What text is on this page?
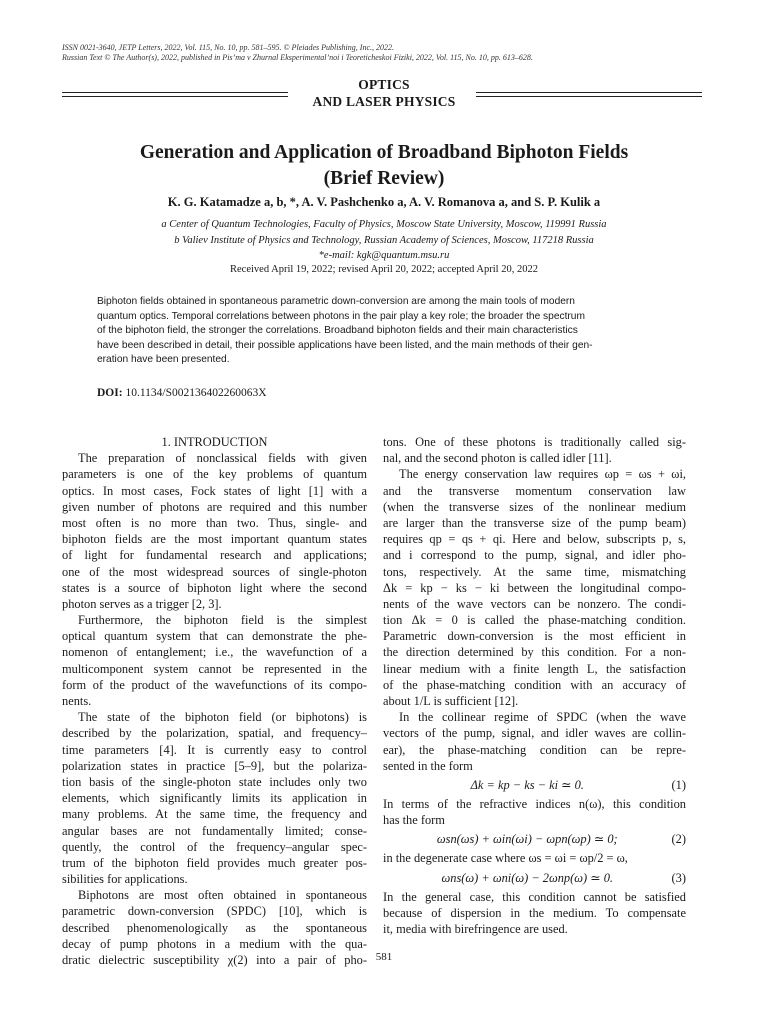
ISSN 0021-3640, JETP Letters, 2022, Vol. 115, No. 10, pp. 581–595. © Pleiades Publishing, Inc., 2022.
Russian Text © The Author(s), 2022, published in Pis’ma v Zhurnal Eksperimental’noi i Teoreticheskoi Fiziki, 2022, Vol. 115, No. 10, pp. 613–628.
OPTICS
AND LASER PHYSICS
Generation and Application of Broadband Biphoton Fields
(Brief Review)
K. G. Katamadze a, b, *, A. V. Pashchenko a, A. V. Romanova a, and S. P. Kulik a
a Center of Quantum Technologies, Faculty of Physics, Moscow State University, Moscow, 119991 Russia
b Valiev Institute of Physics and Technology, Russian Academy of Sciences, Moscow, 117218 Russia
*e-mail: kgk@quantum.msu.ru
Received April 19, 2022; revised April 20, 2022; accepted April 20, 2022
Biphoton fields obtained in spontaneous parametric down-conversion are among the main tools of modern
quantum optics. Temporal correlations between photons in the pair play a key role; the broader the spectrum
of the biphoton field, the stronger the correlations. Broadband biphoton fields and their main characteristics
have been described in detail, their possible applications have been listed, and the main methods of their gen-
eration have been presented.
DOI: 10.1134/S002136402260063X
1. INTRODUCTION
The preparation of nonclassical fields with given
parameters is one of the key problems of quantum
optics. In most cases, Fock states of light [1] with a
given number of photons are required and this number
most often is no more than two. Thus, single- and
biphoton fields are the most important quantum states
of light for fundamental research and applications;
one of the most widespread sources of single-photon
states is a source of biphoton light where the second
photon serves as a trigger [2, 3].
Furthermore, the biphoton field is the simplest
optical quantum system that can demonstrate the phe-
nomenon of entanglement; i.e., the wavefunction of a
multicomponent system cannot be represented in the
form of the product of the wavefunctions of its compo-
nents.
The state of the biphoton field (or biphotons) is
described by the polarization, spatial, and frequency–
time parameters [4]. It is currently easy to control
polarization states in practice [5–9], but the polariza-
tion basis of the single-photon state includes only two
elements, which significantly limits its application in
many problems. At the same time, the frequency and
angular bases are not fundamentally limited; conse-
quently, the control of the frequency–angular spec-
trum of the biphoton field provides much greater pos-
sibilities for applications.
Biphotons are most often obtained in spontaneous
parametric down-conversion (SPDC) [10], which is
described phenomenologically as the spontaneous
decay of pump photons in a medium with the qua-
dratic dielectric susceptibility χ(2) into a pair of pho-
tons. One of these photons is traditionally called sig-
nal, and the second photon is called idler [11].
The energy conservation law requires ωp = ωs + ωi,
and the transverse momentum conservation law
(when the transverse sizes of the nonlinear medium
are larger than the transverse size of the pump beam)
requires qp = qs + qi. Here and below, subscripts p, s,
and i correspond to the pump, signal, and idler pho-
tons, respectively. At the same time, mismatching
Δk = kp − ks − ki between the longitudinal compo-
nents of the wave vectors can be nonzero. The condi-
tion Δk = 0 is called the phase-matching condition.
Parametric down-conversion is the most efficient in
the direction determined by this condition. For a non-
linear medium with a finite length L, the satisfaction
of the phase-matching condition with an accuracy of
about 1/L is sufficient [12].
In the collinear regime of SPDC (when the wave
vectors of the pump, signal, and idler waves are collin-
ear), the phase-matching condition can be repre-
sented in the form
Δk = kp − ks − ki ≃ 0.	(1)
In terms of the refractive indices n(ω), this condition
has the form
ωsn(ωs) + ωin(ωi) − ωpn(ωp) ≃ 0;	(2)
in the degenerate case where ωs = ωi = ωp/2 = ω,
ωns(ω) + ωni(ω) − 2ωnp(ω) ≃ 0.	(3)
In the general case, this condition cannot be satisfied
because of dispersion in the medium. To compensate
it, media with birefringence are used.
581
